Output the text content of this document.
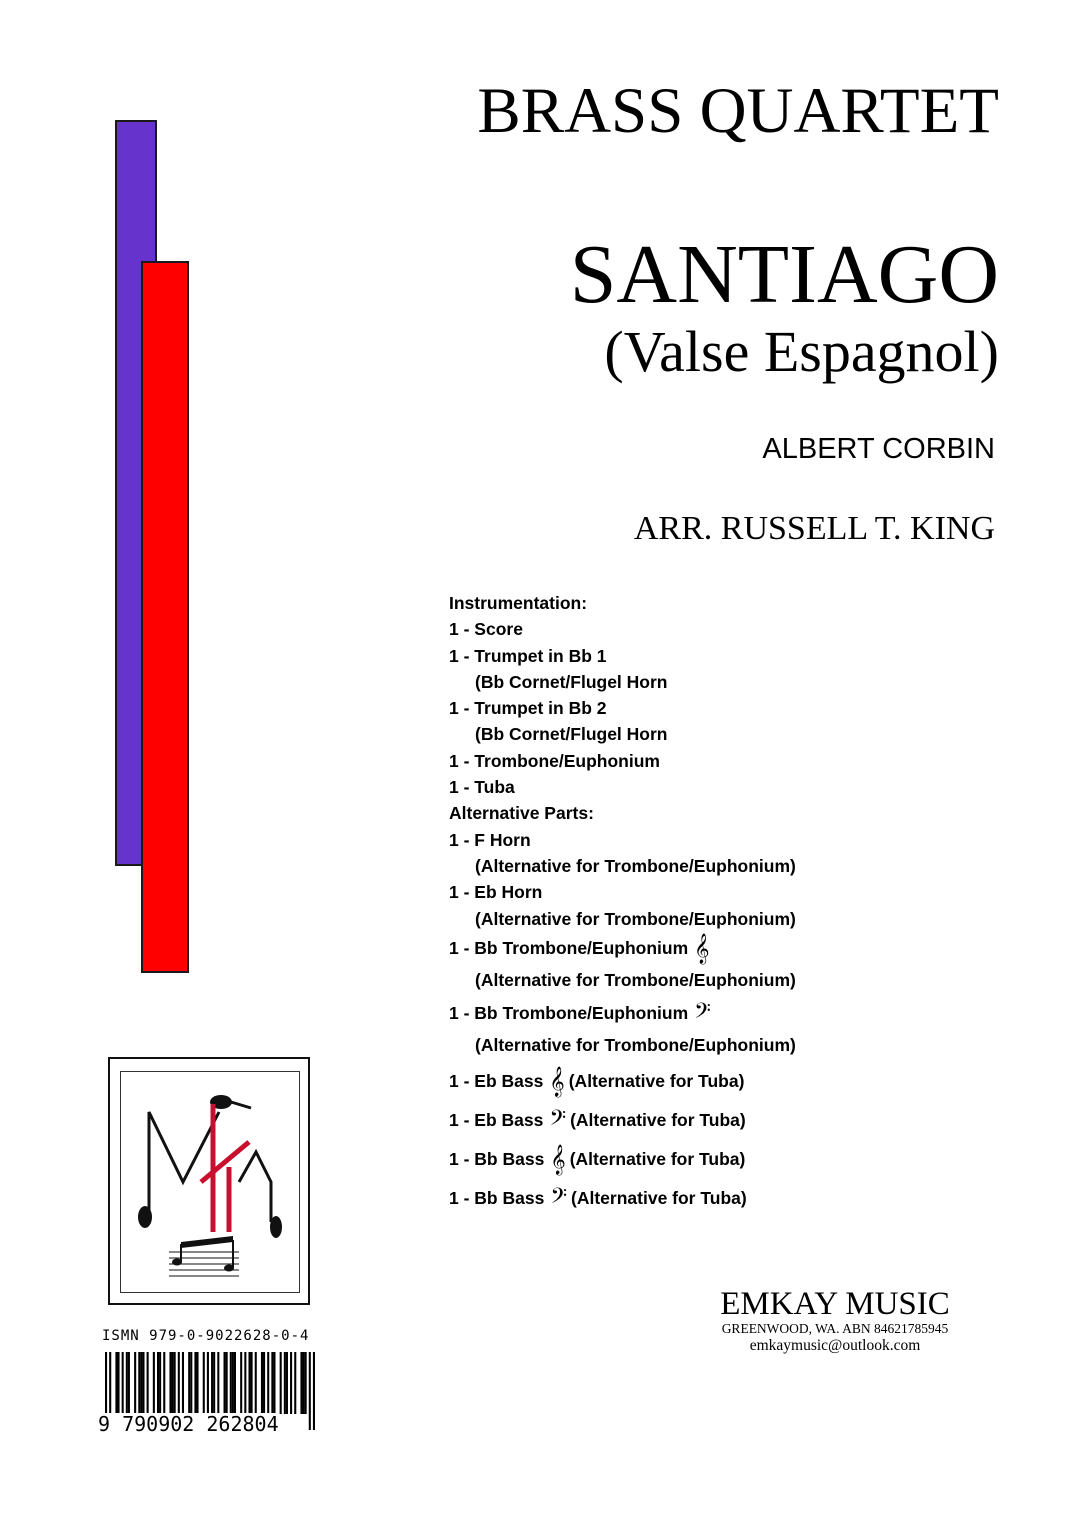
BRASS QUARTET
SANTIAGO
(Valse Espagnol)
ALBERT CORBIN
ARR. RUSSELL T. KING
Instrumentation:
1 - Score
1 - Trumpet in Bb 1
(Bb Cornet/Flugel Horn
1 - Trumpet in Bb 2
(Bb Cornet/Flugel Horn
1 - Trombone/Euphonium
1 - Tuba
Alternative Parts:
1 - F Horn
(Alternative for Trombone/Euphonium)
1 - Eb Horn
(Alternative for Trombone/Euphonium)
1 - Bb Trombone/Euphonium 𝄞
(Alternative for Trombone/Euphonium)
1 - Bb Trombone/Euphonium 𝄢
(Alternative for Trombone/Euphonium)
1 - Eb Bass 𝄞 (Alternative for Tuba)
1 - Eb Bass 𝄢 (Alternative for Tuba)
1 - Bb Bass 𝄞 (Alternative for Tuba)
1 - Bb Bass 𝄢 (Alternative for Tuba)
ISMN 979-0-9022628-0-4
9 790902 262804
EMKAY MUSIC
GREENWOOD, WA. ABN 84621785945
emkaymusic@outlook.com
